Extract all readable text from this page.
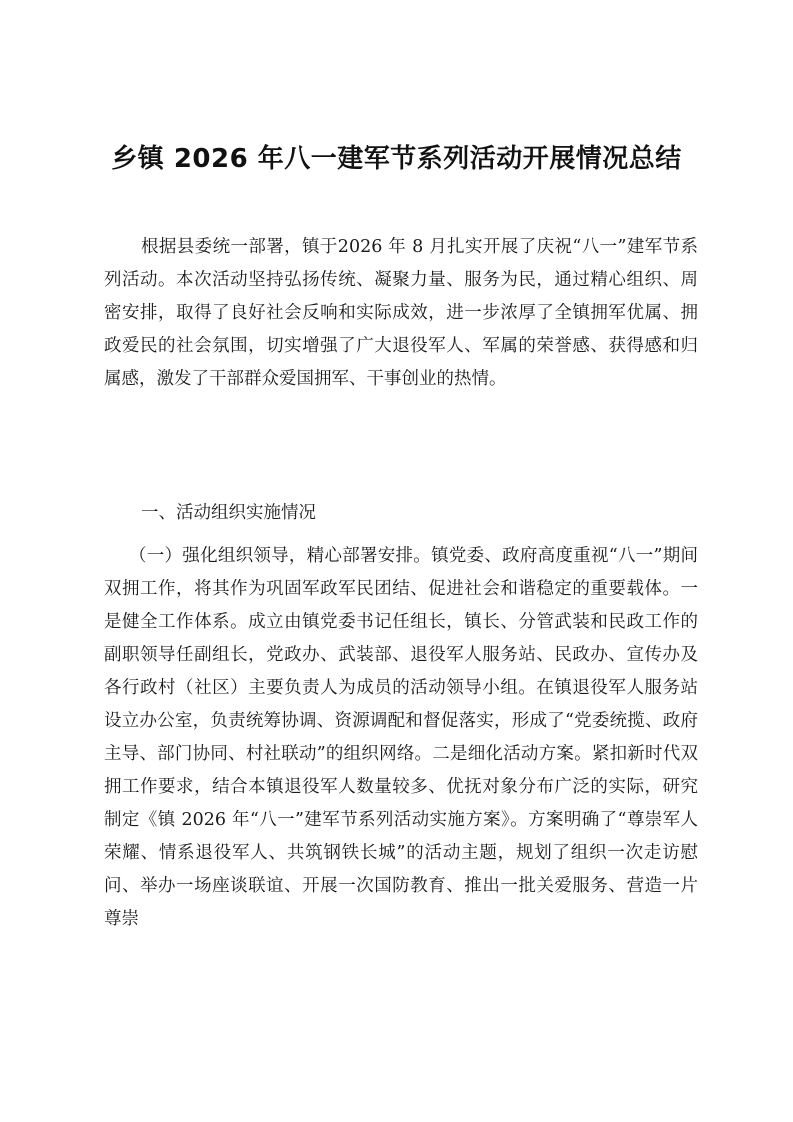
乡镇 2026 年八一建军节系列活动开展情况总结

根据县委统一部署，镇于2026 年 8 月扎实开展了庆祝“八一”建军节系列活动。本次活动坚持弘扬传统、凝聚力量、服务为民，通过精心组织、周密安排，取得了良好社会反响和实际成效，进一步浓厚了全镇拥军优属、拥政爱民的社会氛围，切实增强了广大退役军人、军属的荣誉感、获得感和归属感，激发了干部群众爱国拥军、干事创业的热情。

一、活动组织实施情况

（一）强化组织领导，精心部署安排。镇党委、政府高度重视“八一”期间双拥工作，将其作为巩固军政军民团结、促进社会和谐稳定的重要载体。一是健全工作体系。成立由镇党委书记任组长，镇长、分管武装和民政工作的副职领导任副组长，党政办、武装部、退役军人服务站、民政办、宣传办及各行政村（社区）主要负责人为成员的活动领导小组。在镇退役军人服务站设立办公室，负责统筹协调、资源调配和督促落实，形成了“党委统揽、政府主导、部门协同、村社联动”的组织网络。二是细化活动方案。紧扣新时代双拥工作要求，结合本镇退役军人数量较多、优抚对象分布广泛的实际，研究制定《镇 2026 年“八一”建军节系列活动实施方案》。方案明确了“尊崇军人荣耀、情系退役军人、共筑钢铁长城”的活动主题，规划了组织一次走访慰问、举办一场座谈联谊、开展一次国防教育、推出一批关爱服务、营造一片尊崇
